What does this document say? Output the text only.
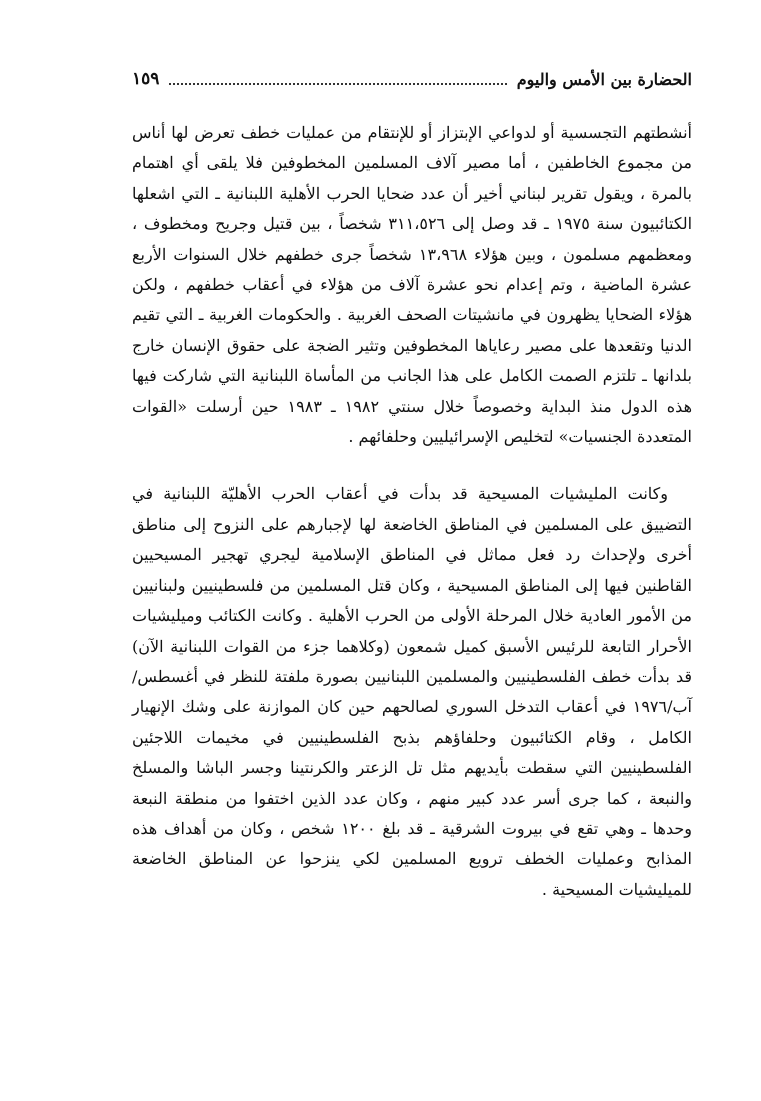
الحضارة بين الأمس واليوم
١٥٩

أنشطتهم التجسسية أو لدواعي الإبتزاز أو للإنتقام من عمليات خطف تعرض لها أناس من مجموع الخاطفين ، أما مصير آلاف المسلمين المخطوفين فلا يلقى أي اهتمام بالمرة ، ويقول تقرير لبناني أخير أن عدد ضحايا الحرب الأهلية اللبنانية ـ التي اشعلها الكتائبيون سنة ١٩٧٥ ـ قد وصل إلى ٣١١،٥٢٦ شخصاً ، بين قتيل وجريح ومخطوف ، ومعظمهم مسلمون ، وبين هؤلاء ١٣،٩٦٨ شخصاً جرى خطفهم خلال السنوات الأربع عشرة الماضية ، وتم إعدام نحو عشرة آلاف من هؤلاء في أعقاب خطفهم ، ولكن هؤلاء الضحايا يظهرون في مانشيتات الصحف الغربية . والحكومات الغربية ـ التي تقيم الدنيا وتقعدها على مصير رعاياها المخطوفين وتثير الضجة على حقوق الإنسان خارج بلدانها ـ تلتزم الصمت الكامل على هذا الجانب من المأساة اللبنانية التي شاركت فيها هذه الدول منذ البداية وخصوصاً خلال سنتي ١٩٨٢ ـ ١٩٨٣ حين أرسلت «القوات المتعددة الجنسيات» لتخليص الإسرائيليين وحلفائهم .

وكانت المليشيات المسيحية قد بدأت في أعقاب الحرب الأهليّة اللبنانية في التضييق على المسلمين في المناطق الخاضعة لها لإجبارهم على النزوح إلى مناطق أخرى ولإحداث رد فعل مماثل في المناطق الإسلامية ليجري تهجير المسيحيين القاطنين فيها إلى المناطق المسيحية ، وكان قتل المسلمين من فلسطينيين ولبنانيين من الأمور العادية خلال المرحلة الأولى من الحرب الأهلية . وكانت الكتائب وميليشيات الأحرار التابعة للرئيس الأسبق كميل شمعون (وكلاهما جزء من القوات اللبنانية الآن) قد بدأت خطف الفلسطينيين والمسلمين اللبنانيين بصورة ملفتة للنظر في أغسطس/آب/١٩٧٦ في أعقاب التدخل السوري لصالحهم حين كان الموازنة على وشك الإنهيار الكامل ، وقام الكتائبيون وحلفاؤهم بذبح الفلسطينيين في مخيمات اللاجئين الفلسطينيين التي سقطت بأيديهم مثل تل الزعتر والكرنتينا وجسر الباشا والمسلخ والنبعة ، كما جرى أسر عدد كبير منهم ، وكان عدد الذين اختفوا من منطقة النبعة وحدها ـ وهي تقع في بيروت الشرقية ـ قد بلغ ١٢٠٠ شخص ، وكان من أهداف هذه المذابح وعمليات الخطف ترويع المسلمين لكي ينزحوا عن المناطق الخاضعة للميليشيات المسيحية .
